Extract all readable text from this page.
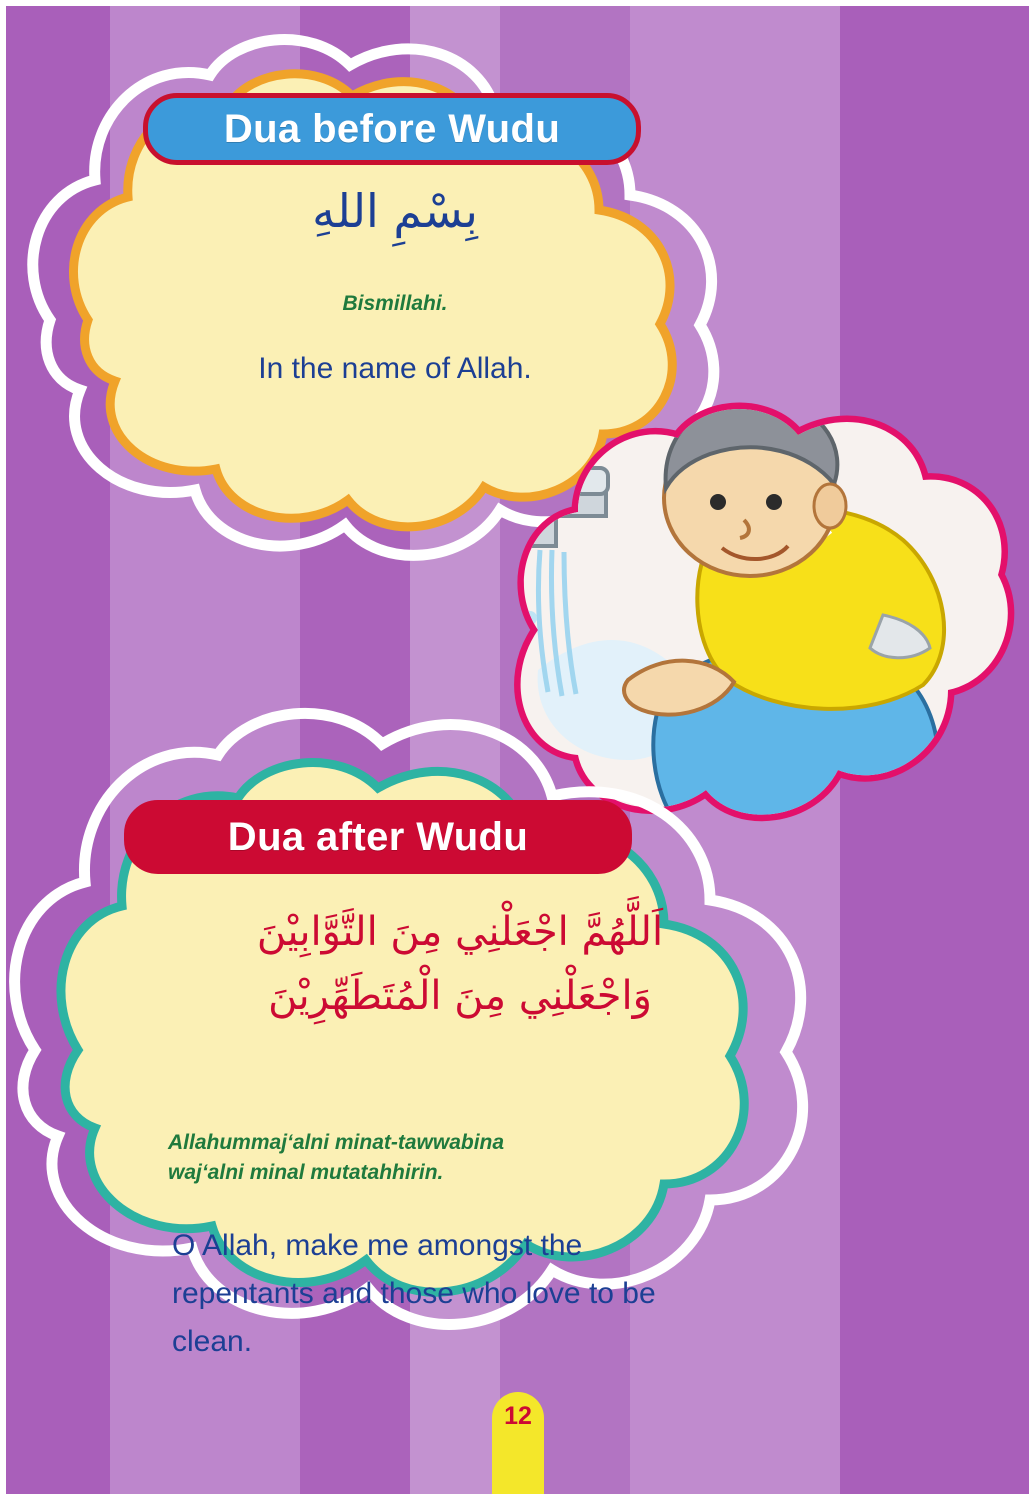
Dua before Wudu
Dua after Wudu
بِسْمِ اللهِ
Bismillahi.
In the name of Allah.
اَللَّهُمَّ اجْعَلْنِي مِنَ التَّوَّابِيْنَ
وَاجْعَلْنِي مِنَ الْمُتَطَهِّرِيْنَ
Allahummaj‘alni minat-tawwabina
waj‘alni minal mutatahhirin.
O Allah, make me amongst the repentants and those who love to be clean.
12
